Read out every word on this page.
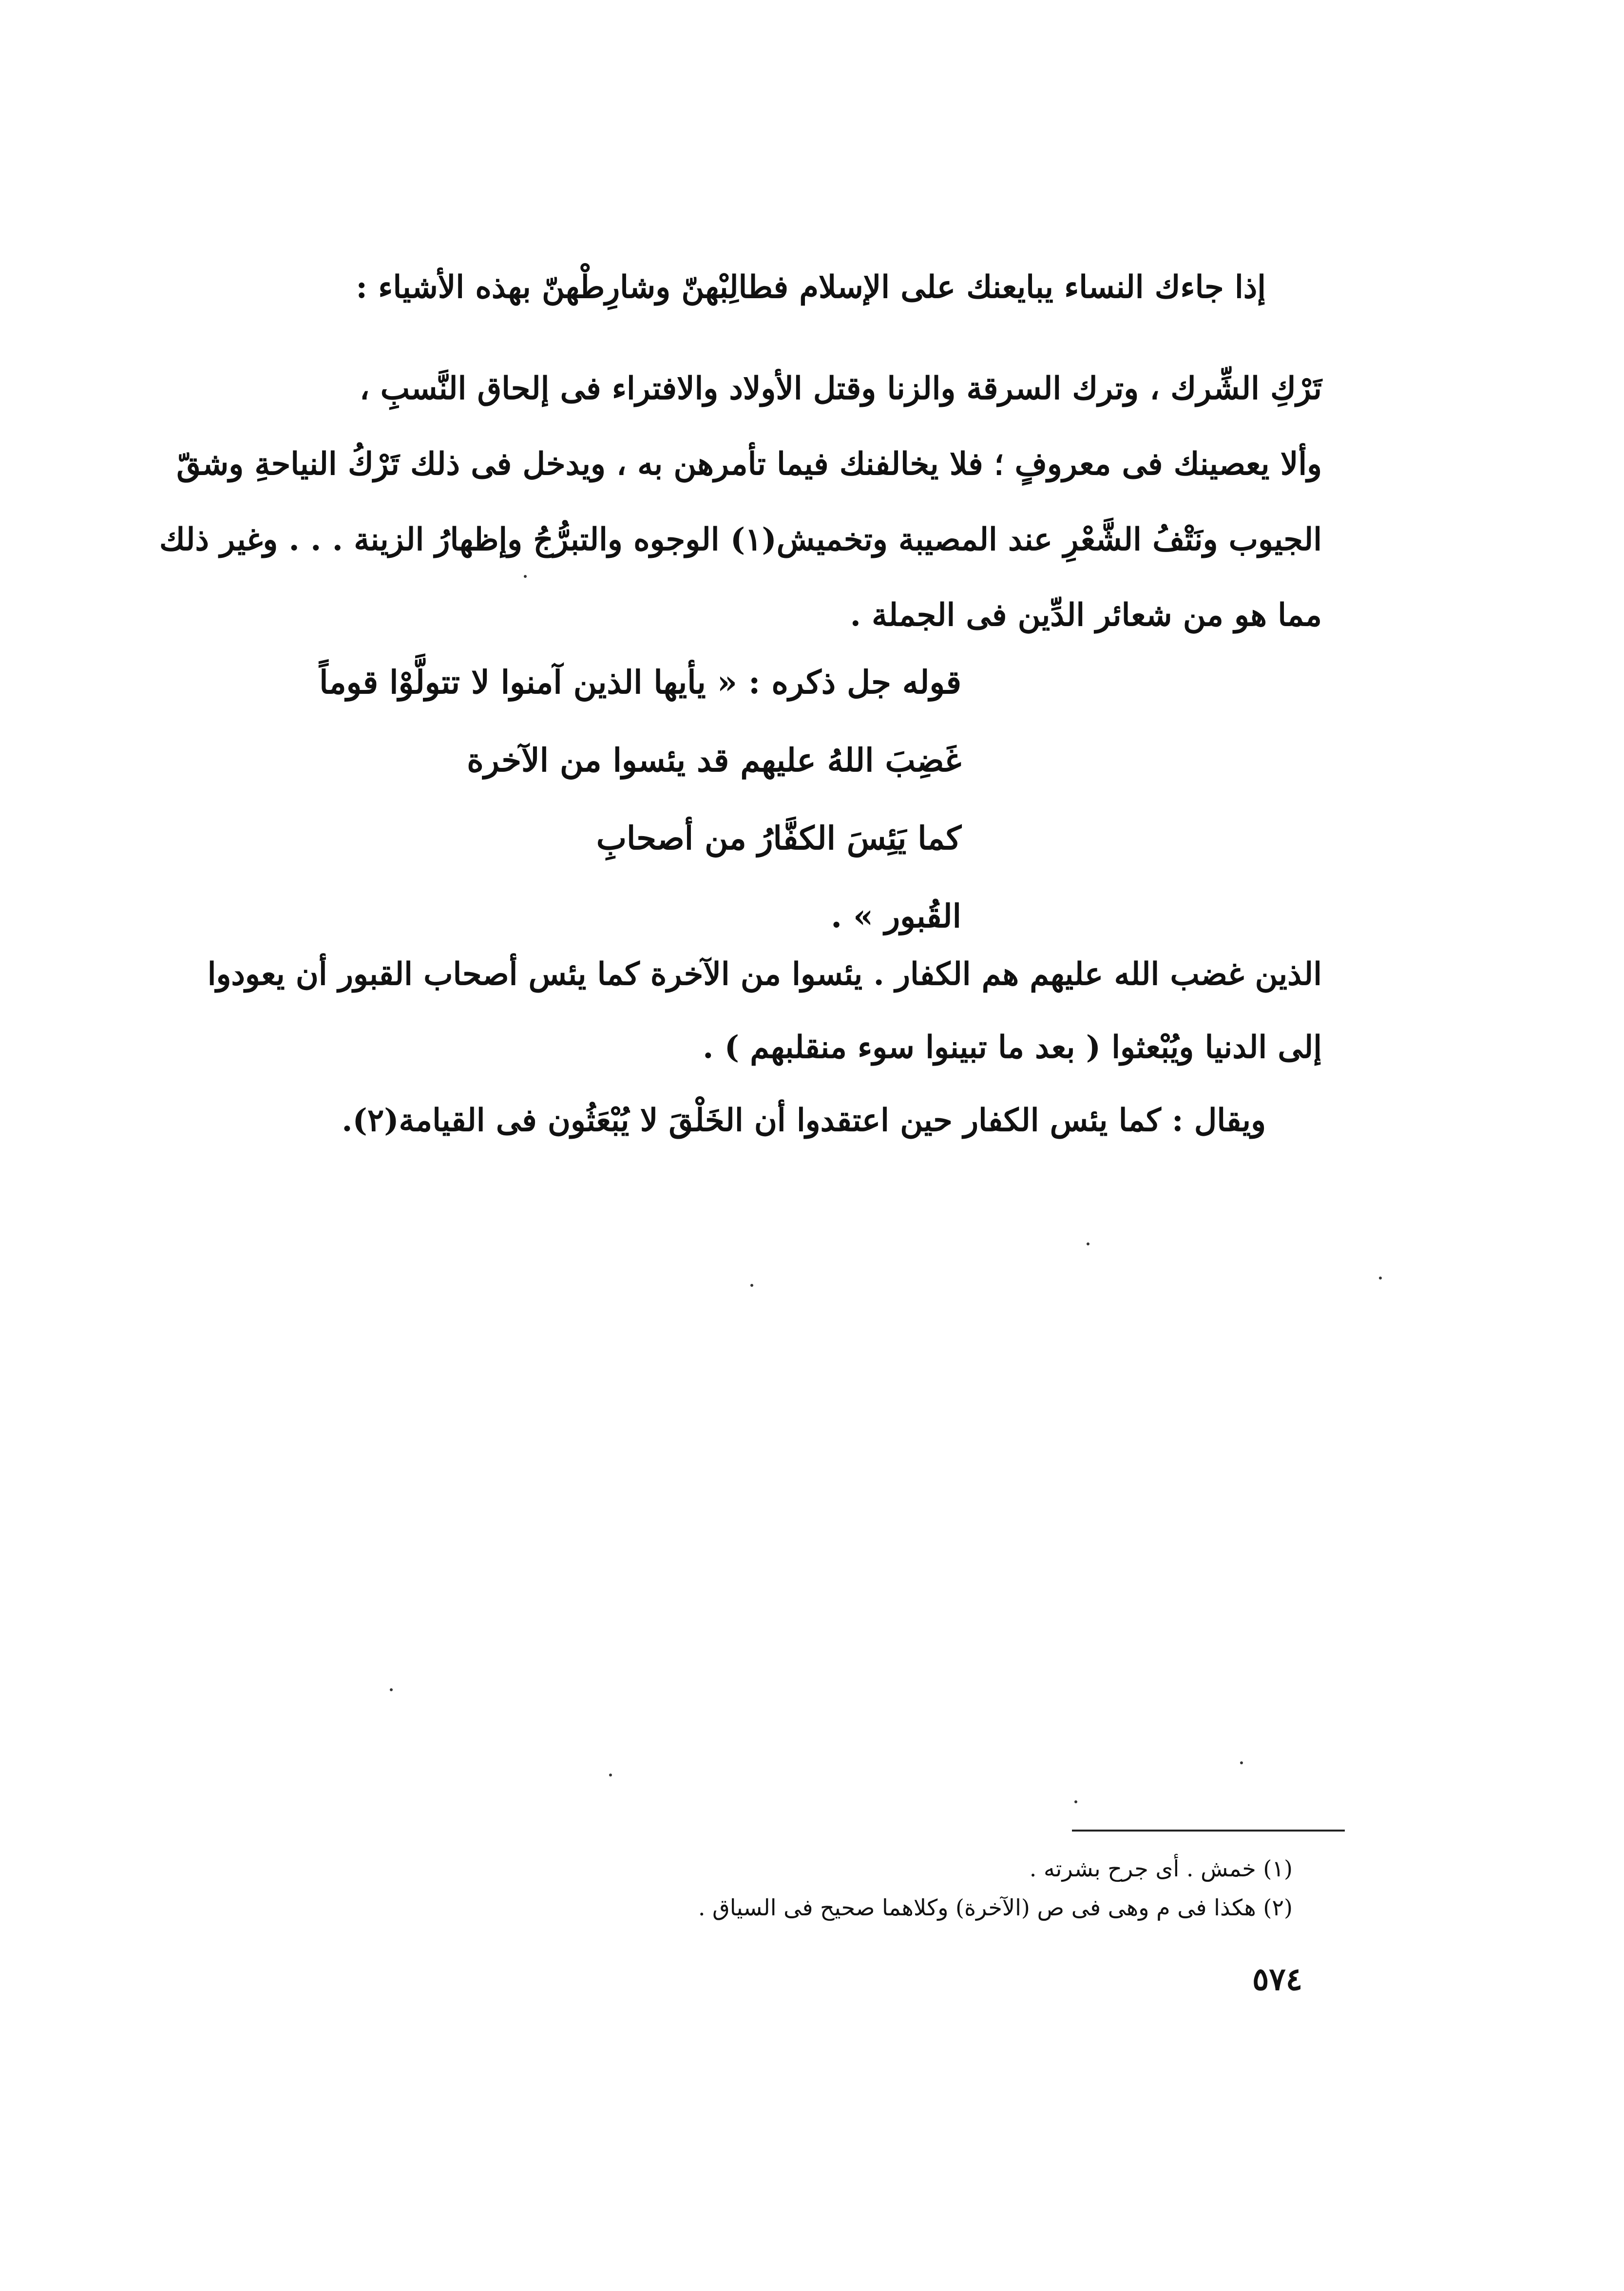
إذا جاءك النساء يبايعنك على الإسلام فطالِبْهنّ وشارِطْهنّ بهذه الأشياء :
تَرْكِ الشِّرك ، وترك السرقة والزنا وقتل الأولاد والافتراء فى إلحاق النَّسبِ ،
وألا يعصينك فى معروفٍ ؛ فلا يخالفنك فيما تأمرهن به ، ويدخل فى ذلك تَرْكُ النياحةِ وشقّ
الجيوب ونَتْفُ الشَّعْرِ عند المصيبة وتخميش(١) الوجوه والتبرُّجُ وإظهارُ الزينة . . . وغير ذلك
مما هو من شعائر الدِّين فى الجملة .
قوله جل ذكره : « يأيها الذين آمنوا لا تتولَّوْا قوماً
غَضِبَ اللهُ عليهم قد يئسوا من الآخرة
كما يَئِسَ الكفَّارُ من أصحابِ
القُبور » .
الذين غضب الله عليهم هم الكفار . يئسوا من الآخرة كما يئس أصحاب القبور أن يعودوا
إلى الدنيا ويُبْعثوا ( بعد ما تبينوا سوء منقلبهم ) .
ويقال : كما يئس الكفار حين اعتقدوا أن الخَلْقَ لا يُبْعَثُون فى القيامة(٢).
(١) خمش . أى جرح بشرته .
(٢) هكذا فى م وهى فى ص (الآخرة) وكلاهما صحيح فى السياق .
٥٧٤
